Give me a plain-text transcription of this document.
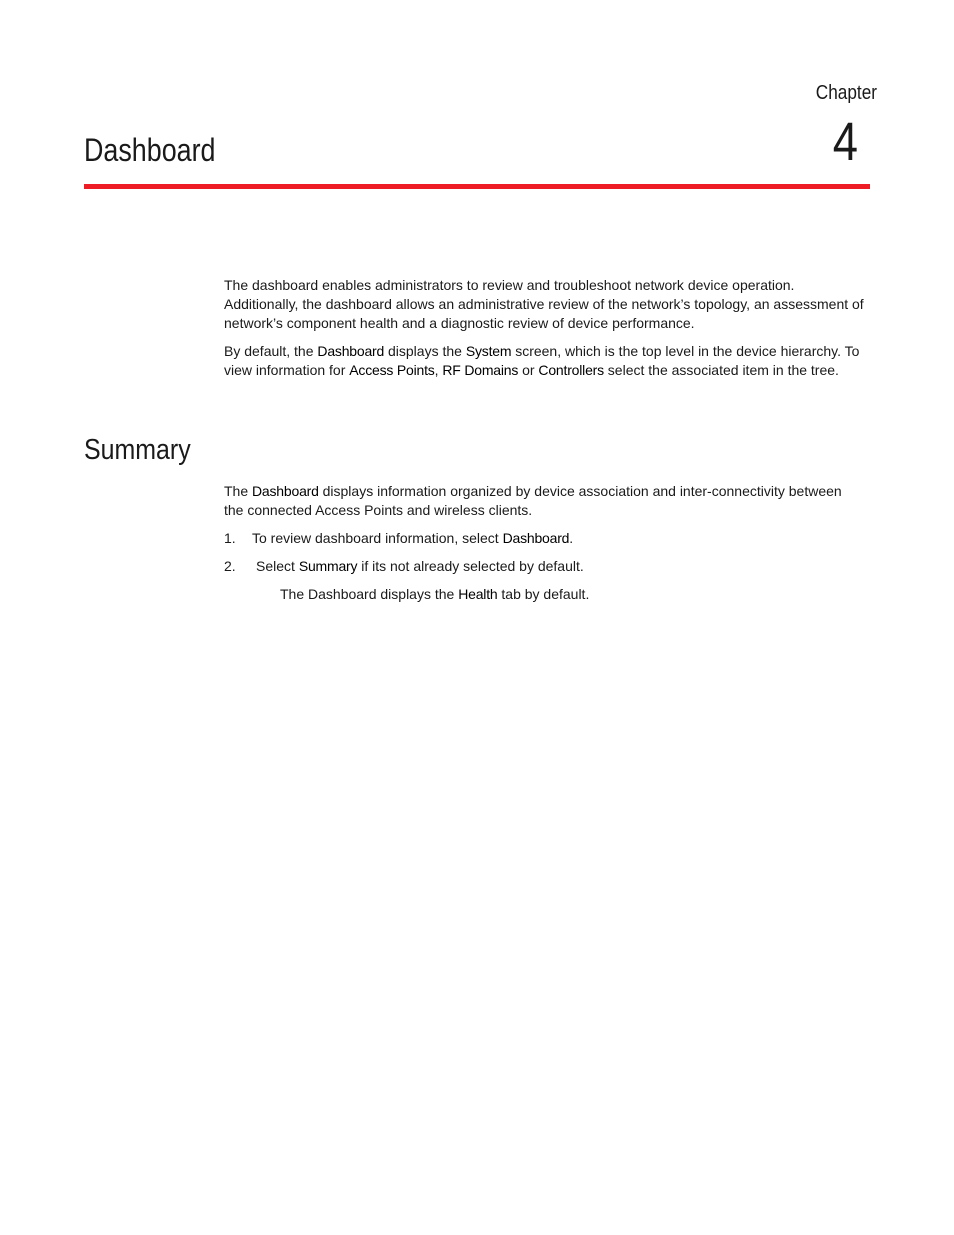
Chapter
4
Dashboard

The dashboard enables administrators to review and troubleshoot network device operation. Additionally, the dashboard allows an administrative review of the network’s topology, an assessment of network’s component health and a diagnostic review of device performance.

By default, the Dashboard displays the System screen, which is the top level in the device hierarchy. To view information for Access Points, RF Domains or Controllers select the associated item in the tree.

Summary

The Dashboard displays information organized by device association and inter-connectivity between the connected Access Points and wireless clients.

1. To review dashboard information, select Dashboard.
2. Select Summary if its not already selected by default.

The Dashboard displays the Health tab by default.
